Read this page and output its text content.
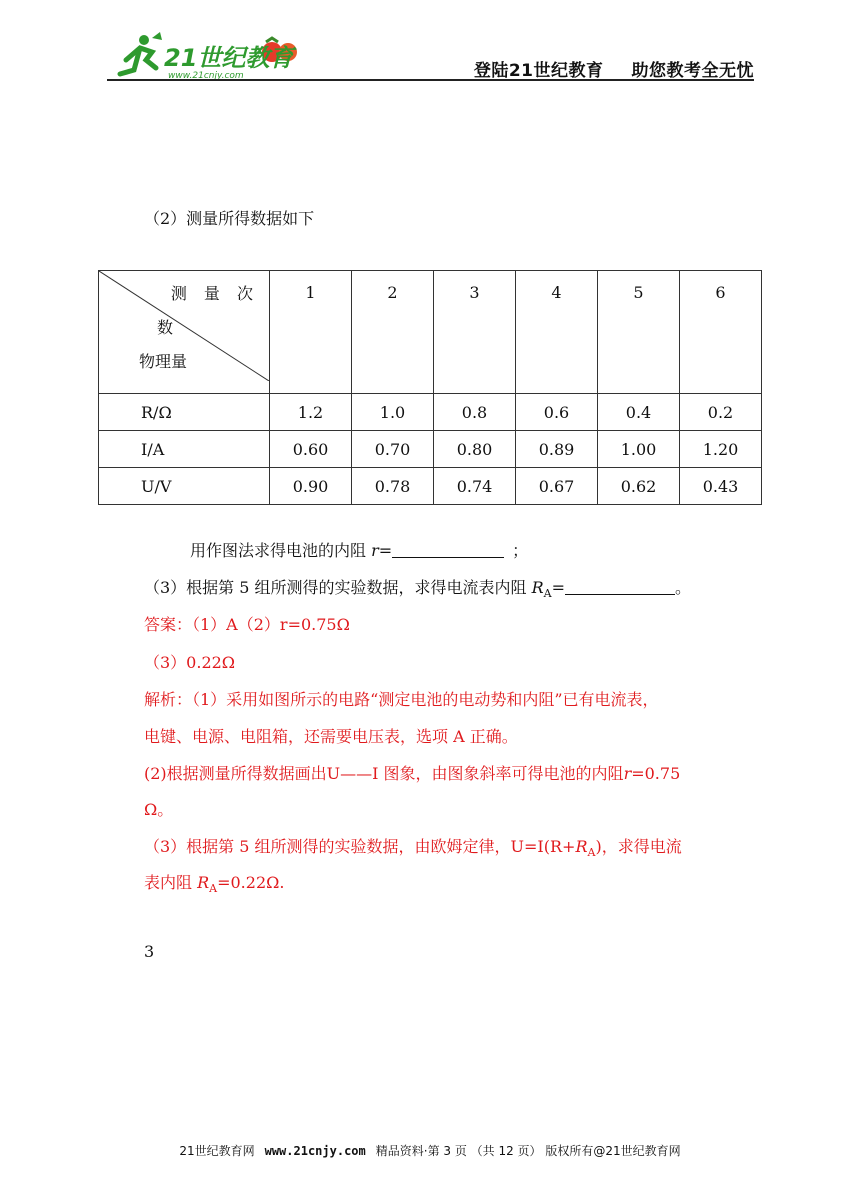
21世纪教育
www.21cnjy.com	登陆21世纪教育 助您教考全无忧
（2）测量所得数据如下
测 量 次
数
物理量	1	2	3	4	5	6
R/Ω	1.2	1.0	0.8	0.6	0.4	0.2
I/A	0.60	0.70	0.80	0.89	1.00	1.20
U/V	0.90	0.78	0.74	0.67	0.62	0.43
用作图法求得电池的内阻 r=	；
（3）根据第 5 组所测得的实验数据，求得电流表内阻 $R_A=$	。
答案：（1）A（2）r=0.75Ω
（3）0.22Ω
解析：（1）采用如图所示的电路“测定电池的电动势和内阻”已有电流表，
电键、电源、电阻箱，还需要电压表，选项 A 正确。
(2)根据测量所得数据画出U——I 图象，由图象斜率可得电池的内阻r=0.75
Ω。
（3）根据第 5 组所测得的实验数据，由欧姆定律，$U=I(R+R_A)$，求得电流
表内阻 $R_A=0.22\Omega$.
3
21世纪教育网 www.21cnjy.com 精品资料·第 3 页 （共 12 页） 版权所有@21世纪教育网
